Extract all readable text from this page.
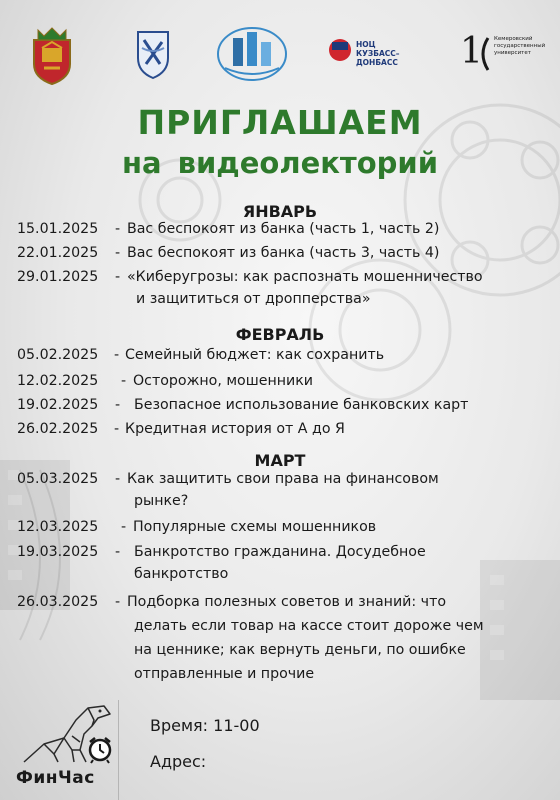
НОЦ КУЗБАСС–ДОНБАСС	1 Кемеровский государственный университет
ПРИГЛАШАЕМ
на видеолекторий
ЯНВАРЬ
15.01.2025 - Вас беспокоят из банка (часть 1, часть 2)
22.01.2025 - Вас беспокоят из банка (часть 3, часть 4)
29.01.2025 - «Киберугрозы: как распознать мошенничество
и защититься от дропперства»
ФЕВРАЛЬ
05.02.2025 - Семейный бюджет: как сохранить
12.02.2025 - Осторожно, мошенники
19.02.2025 - Безопасное использование банковских карт
26.02.2025 - Кредитная история от А до Я
МАРТ
05.03.2025 - Как защитить свои права на финансовом
рынке?
12.03.2025 - Популярные схемы мошенников
19.03.2025 - Банкротство гражданина. Досудебное
банкротство
26.03.2025 - Подборка полезных советов и знаний: что
делать если товар на кассе стоит дороже чем
на ценнике; как вернуть деньги, по ошибке
отправленные и прочие
Время: 11-00
Адрес:
ФинЧас
